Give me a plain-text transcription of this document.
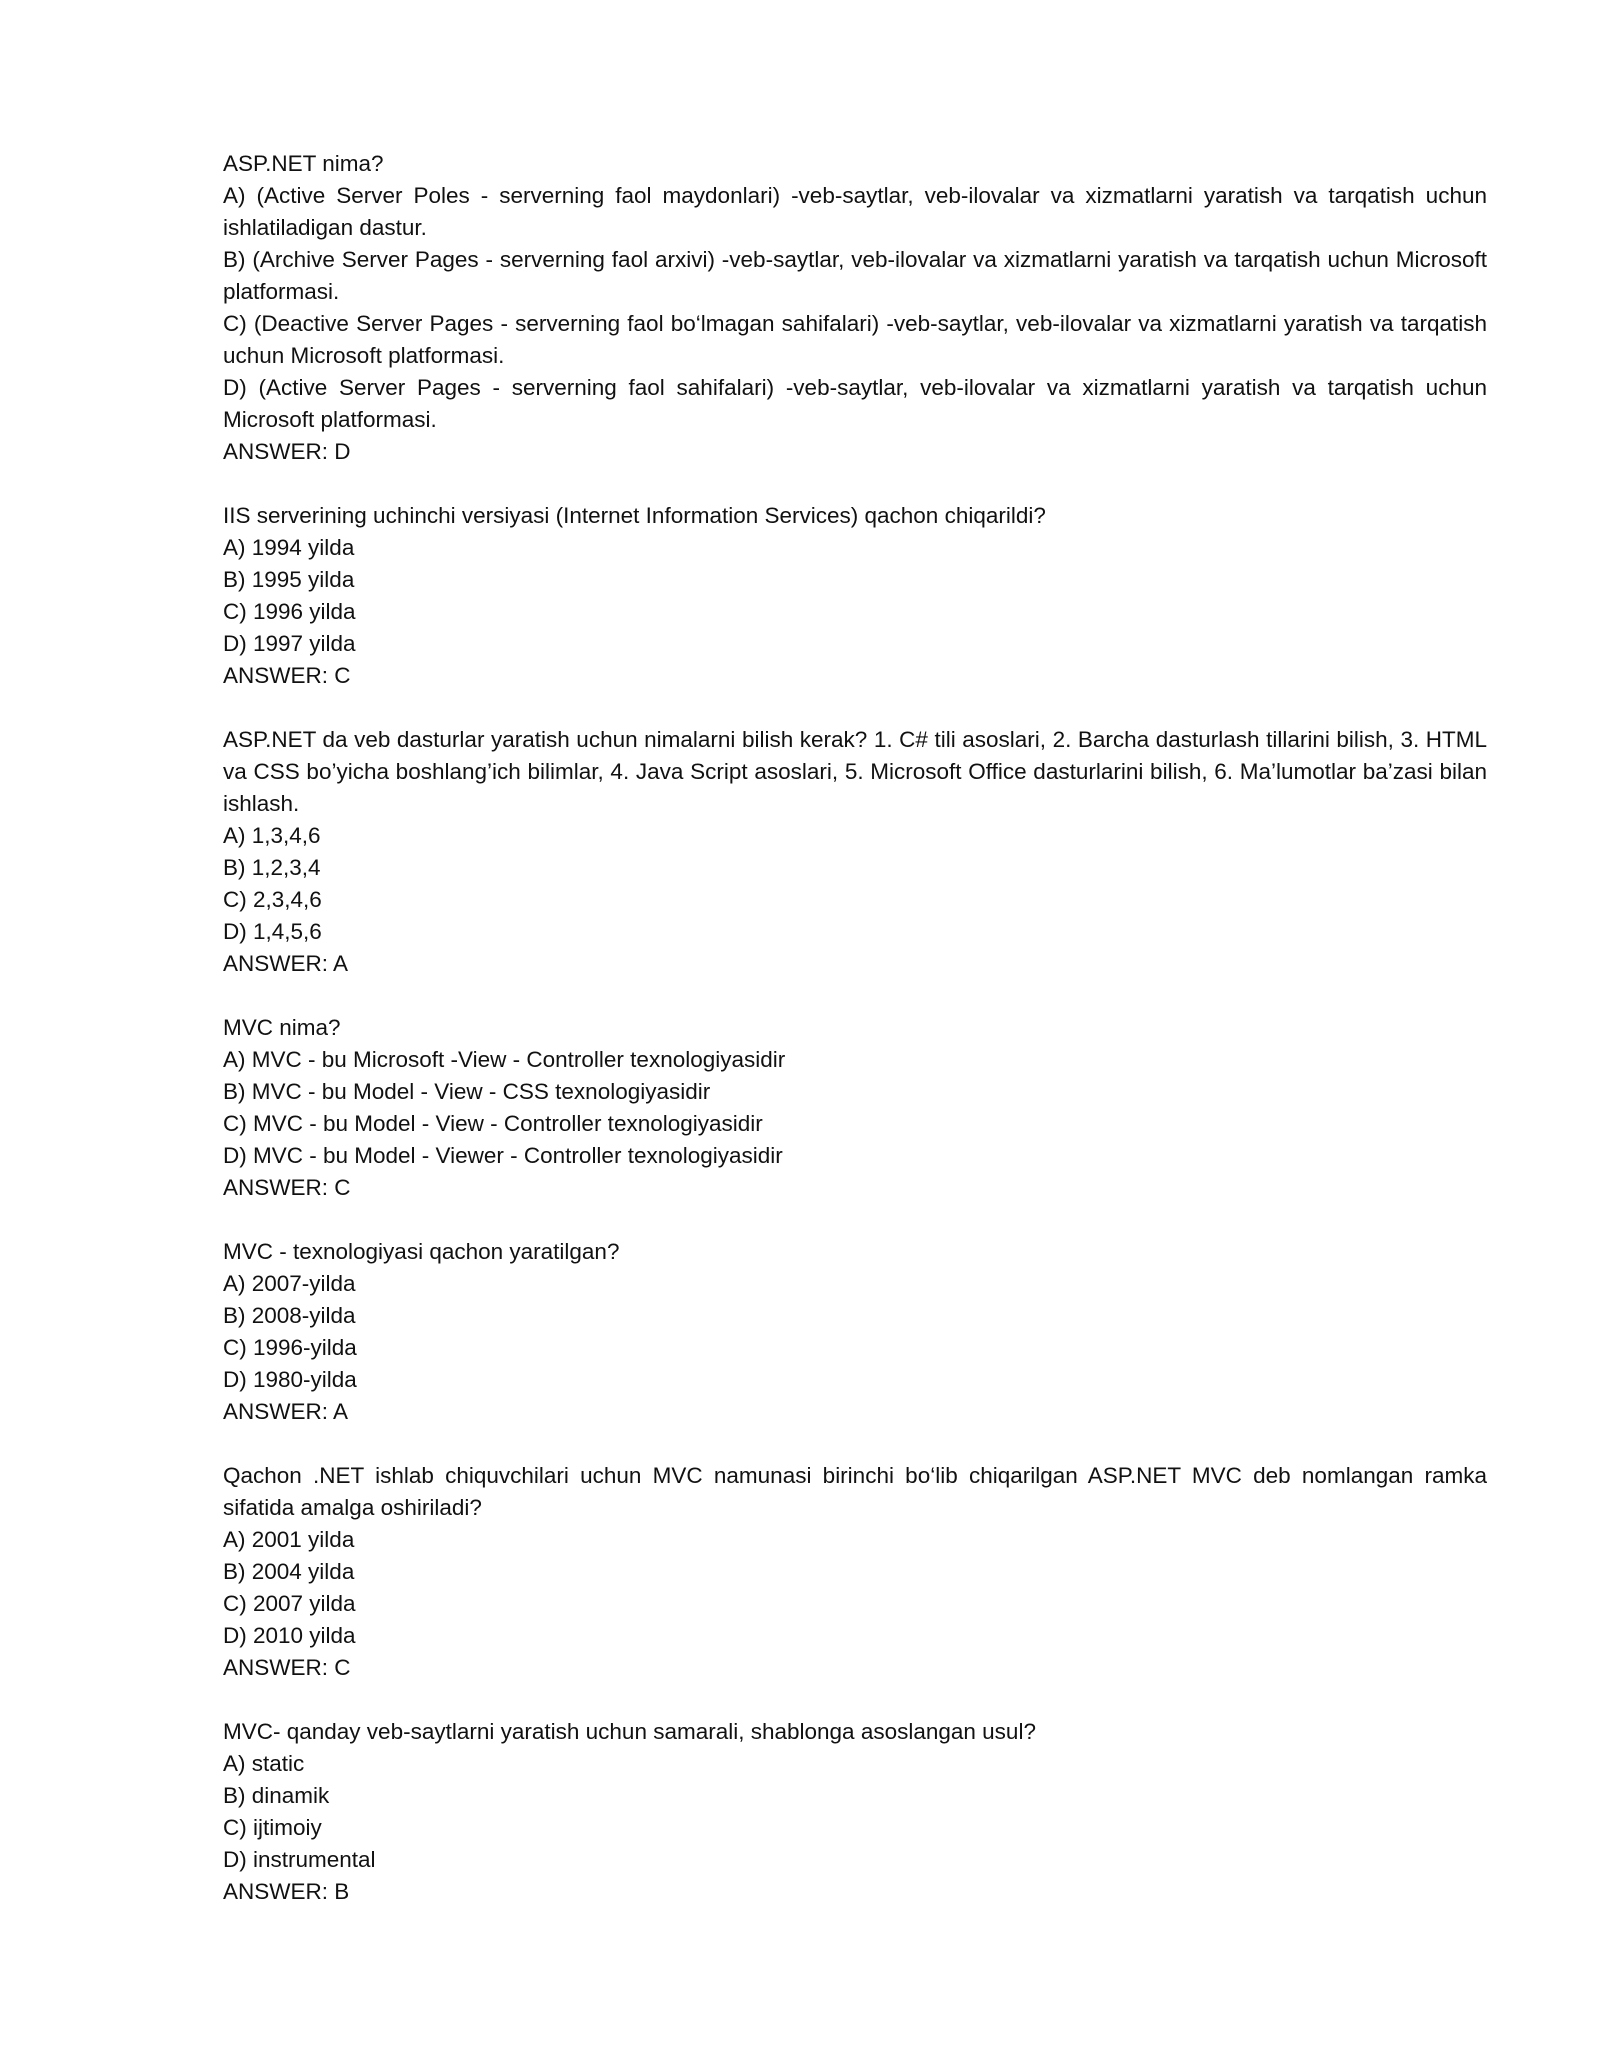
ASP.NET nima?
A) (Active Server Poles - serverning faol maydonlari) -veb-saytlar, veb-ilovalar va xizmatlarni yaratish va tarqatish uchun ishlatiladigan dastur.
B) (Archive Server Pages - serverning faol arxivi) -veb-saytlar, veb-ilovalar va xizmatlarni yaratish va tarqatish uchun Microsoft platformasi.
C) (Deactive Server Pages - serverning faol bo‘lmagan sahifalari) -veb-saytlar, veb-ilovalar va xizmatlarni yaratish va tarqatish uchun Microsoft platformasi.
D) (Active Server Pages - serverning faol sahifalari) -veb-saytlar, veb-ilovalar va xizmatlarni yaratish va tarqatish uchun Microsoft platformasi.
ANSWER: D
IIS serverining uchinchi versiyasi (Internet Information Services) qachon chiqarildi?
A) 1994 yilda
B) 1995 yilda
C) 1996 yilda
D) 1997 yilda
ANSWER: C
ASP.NET da veb dasturlar yaratish uchun nimalarni bilish kerak? 1. C# tili asoslari, 2. Barcha dasturlash tillarini bilish, 3. HTML va CSS bo’yicha boshlang’ich bilimlar, 4. Java Script asoslari, 5. Microsoft Office dasturlarini bilish, 6. Ma’lumotlar ba’zasi bilan ishlash.
A) 1,3,4,6
B) 1,2,3,4
C) 2,3,4,6
D) 1,4,5,6
ANSWER: A
MVC nima?
A) MVC - bu Microsoft -View - Controller texnologiyasidir
B) MVC - bu Model - View - CSS texnologiyasidir
C) MVC - bu Model - View - Controller texnologiyasidir
D) MVC - bu Model - Viewer - Controller texnologiyasidir
ANSWER: C
MVC - texnologiyasi qachon yaratilgan?
A) 2007-yilda
B) 2008-yilda
C) 1996-yilda
D) 1980-yilda
ANSWER: A
Qachon .NET ishlab chiquvchilari uchun MVC namunasi birinchi bo‘lib chiqarilgan ASP.NET MVC deb nomlangan ramka sifatida amalga oshiriladi?
A) 2001 yilda
B) 2004 yilda
C) 2007 yilda
D) 2010 yilda
ANSWER: C
MVC- qanday veb-saytlarni yaratish uchun samarali, shablonga asoslangan usul?
A) static
B) dinamik
C) ijtimoiy
D) instrumental
ANSWER: B
